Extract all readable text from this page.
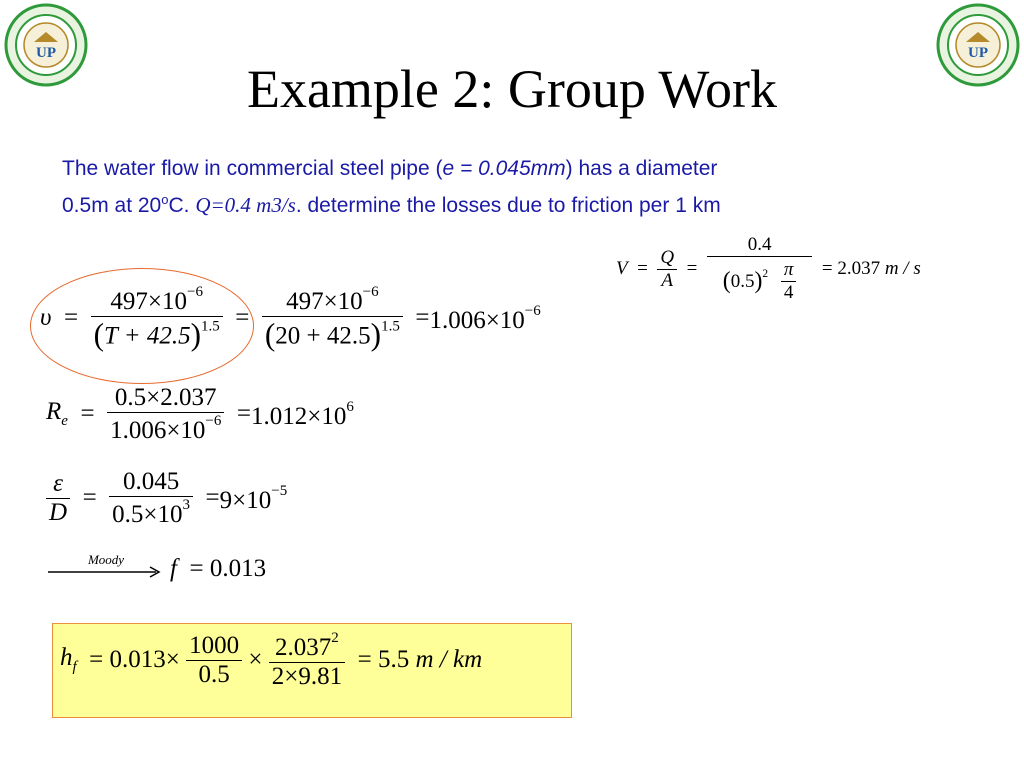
UP	UP
Example 2: Group Work
The water flow in commercial steel pipe (e = 0.045mm) has a diameter
0.5m at 20$^o$C. Q=0.4 m3/s. determine the losses due to friction per 1 km
$V = \frac{Q}{A} = \frac{0.4}{(0.5)^2 \frac{\pi}{4}} = 2.037$ m / s
$\upsilon = \frac{497\times 10^{-6}}{(T + 42.5)^{1.5}} = \frac{497\times 10^{-6}}{(20 + 42.5)^{1.5}} =1.006\times 10^{-6}$
$R_e = \frac{0.5\times 2.037}{1.006\times 10^{-6}} =1.012\times 10^6$
$\frac{\varepsilon}{D} = \frac{0.045}{0.5\times 10^3} =9\times 10^{-5}$
Moody f  = 0.013
$h_f = 0.013\times \frac{1000}{0.5} \times \frac{2.037^2}{2\times 9.81} = 5.5$ m / km
